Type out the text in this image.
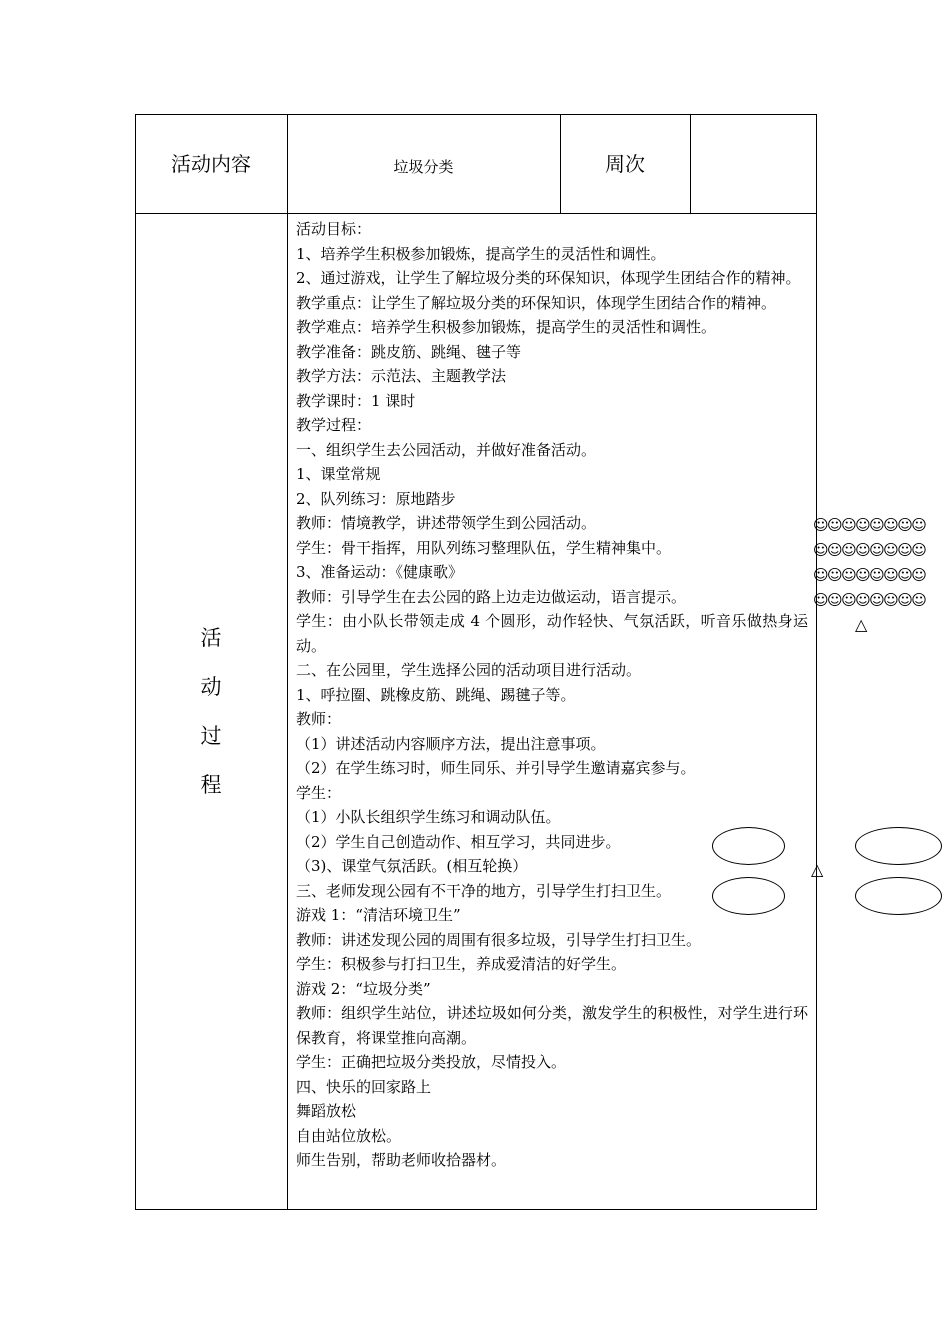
活动内容	垃圾分类	周次
活
动
过
程

活动目标：

1、培养学生积极参加锻炼，提高学生的灵活性和调性。

2、通过游戏，让学生了解垃圾分类的环保知识，体现学生团结合作的精神。

教学重点：让学生了解垃圾分类的环保知识，体现学生团结合作的精神。

教学难点：培养学生积极参加锻炼，提高学生的灵活性和调性。

教学准备：跳皮筋、跳绳、毽子等

教学方法：示范法、主题教学法

教学课时：1 课时

教学过程：

一、组织学生去公园活动，并做好准备活动。

1、课堂常规

2、队列练习：原地踏步

教师：情境教学，讲述带领学生到公园活动。

学生：骨干指挥，用队列练习整理队伍，学生精神集中。

3、准备运动：《健康歌》

教师：引导学生在去公园的路上边走边做运动，语言提示。

学生：由小队长带领走成 4 个圆形，动作轻快、气氛活跃，听音乐做热身运动。

二、在公园里，学生选择公园的活动项目进行活动。

1、呼拉圈、跳橡皮筋、跳绳、踢毽子等。

教师：

（1）讲述活动内容顺序方法，提出注意事项。

（2）在学生练习时，师生同乐、并引导学生邀请嘉宾参与。

学生：

（1）小队长组织学生练习和调动队伍。

（2）学生自己创造动作、相互学习，共同进步。

（3)、课堂气氛活跃。(相互轮换）

三、老师发现公园有不干净的地方，引导学生打扫卫生。

游戏 1：“清洁环境卫生”

教师：讲述发现公园的周围有很多垃圾，引导学生打扫卫生。

学生：积极参与打扫卫生，养成爱清洁的好学生。

游戏 2：“垃圾分类”

教师：组织学生站位，讲述垃圾如何分类，激发学生的积极性，对学生进行环保教育，将课堂推向高潮。

学生：正确把垃圾分类投放，尽情投入。

四、快乐的回家路上

舞蹈放松

自由站位放松。

师生告别，帮助老师收拾器材。

☺☺☺☺☺☺☺☺
☺☺☺☺☺☺☺☺
☺☺☺☺☺☺☺☺
☺☺☺☺☺☺☺☺
△
△
